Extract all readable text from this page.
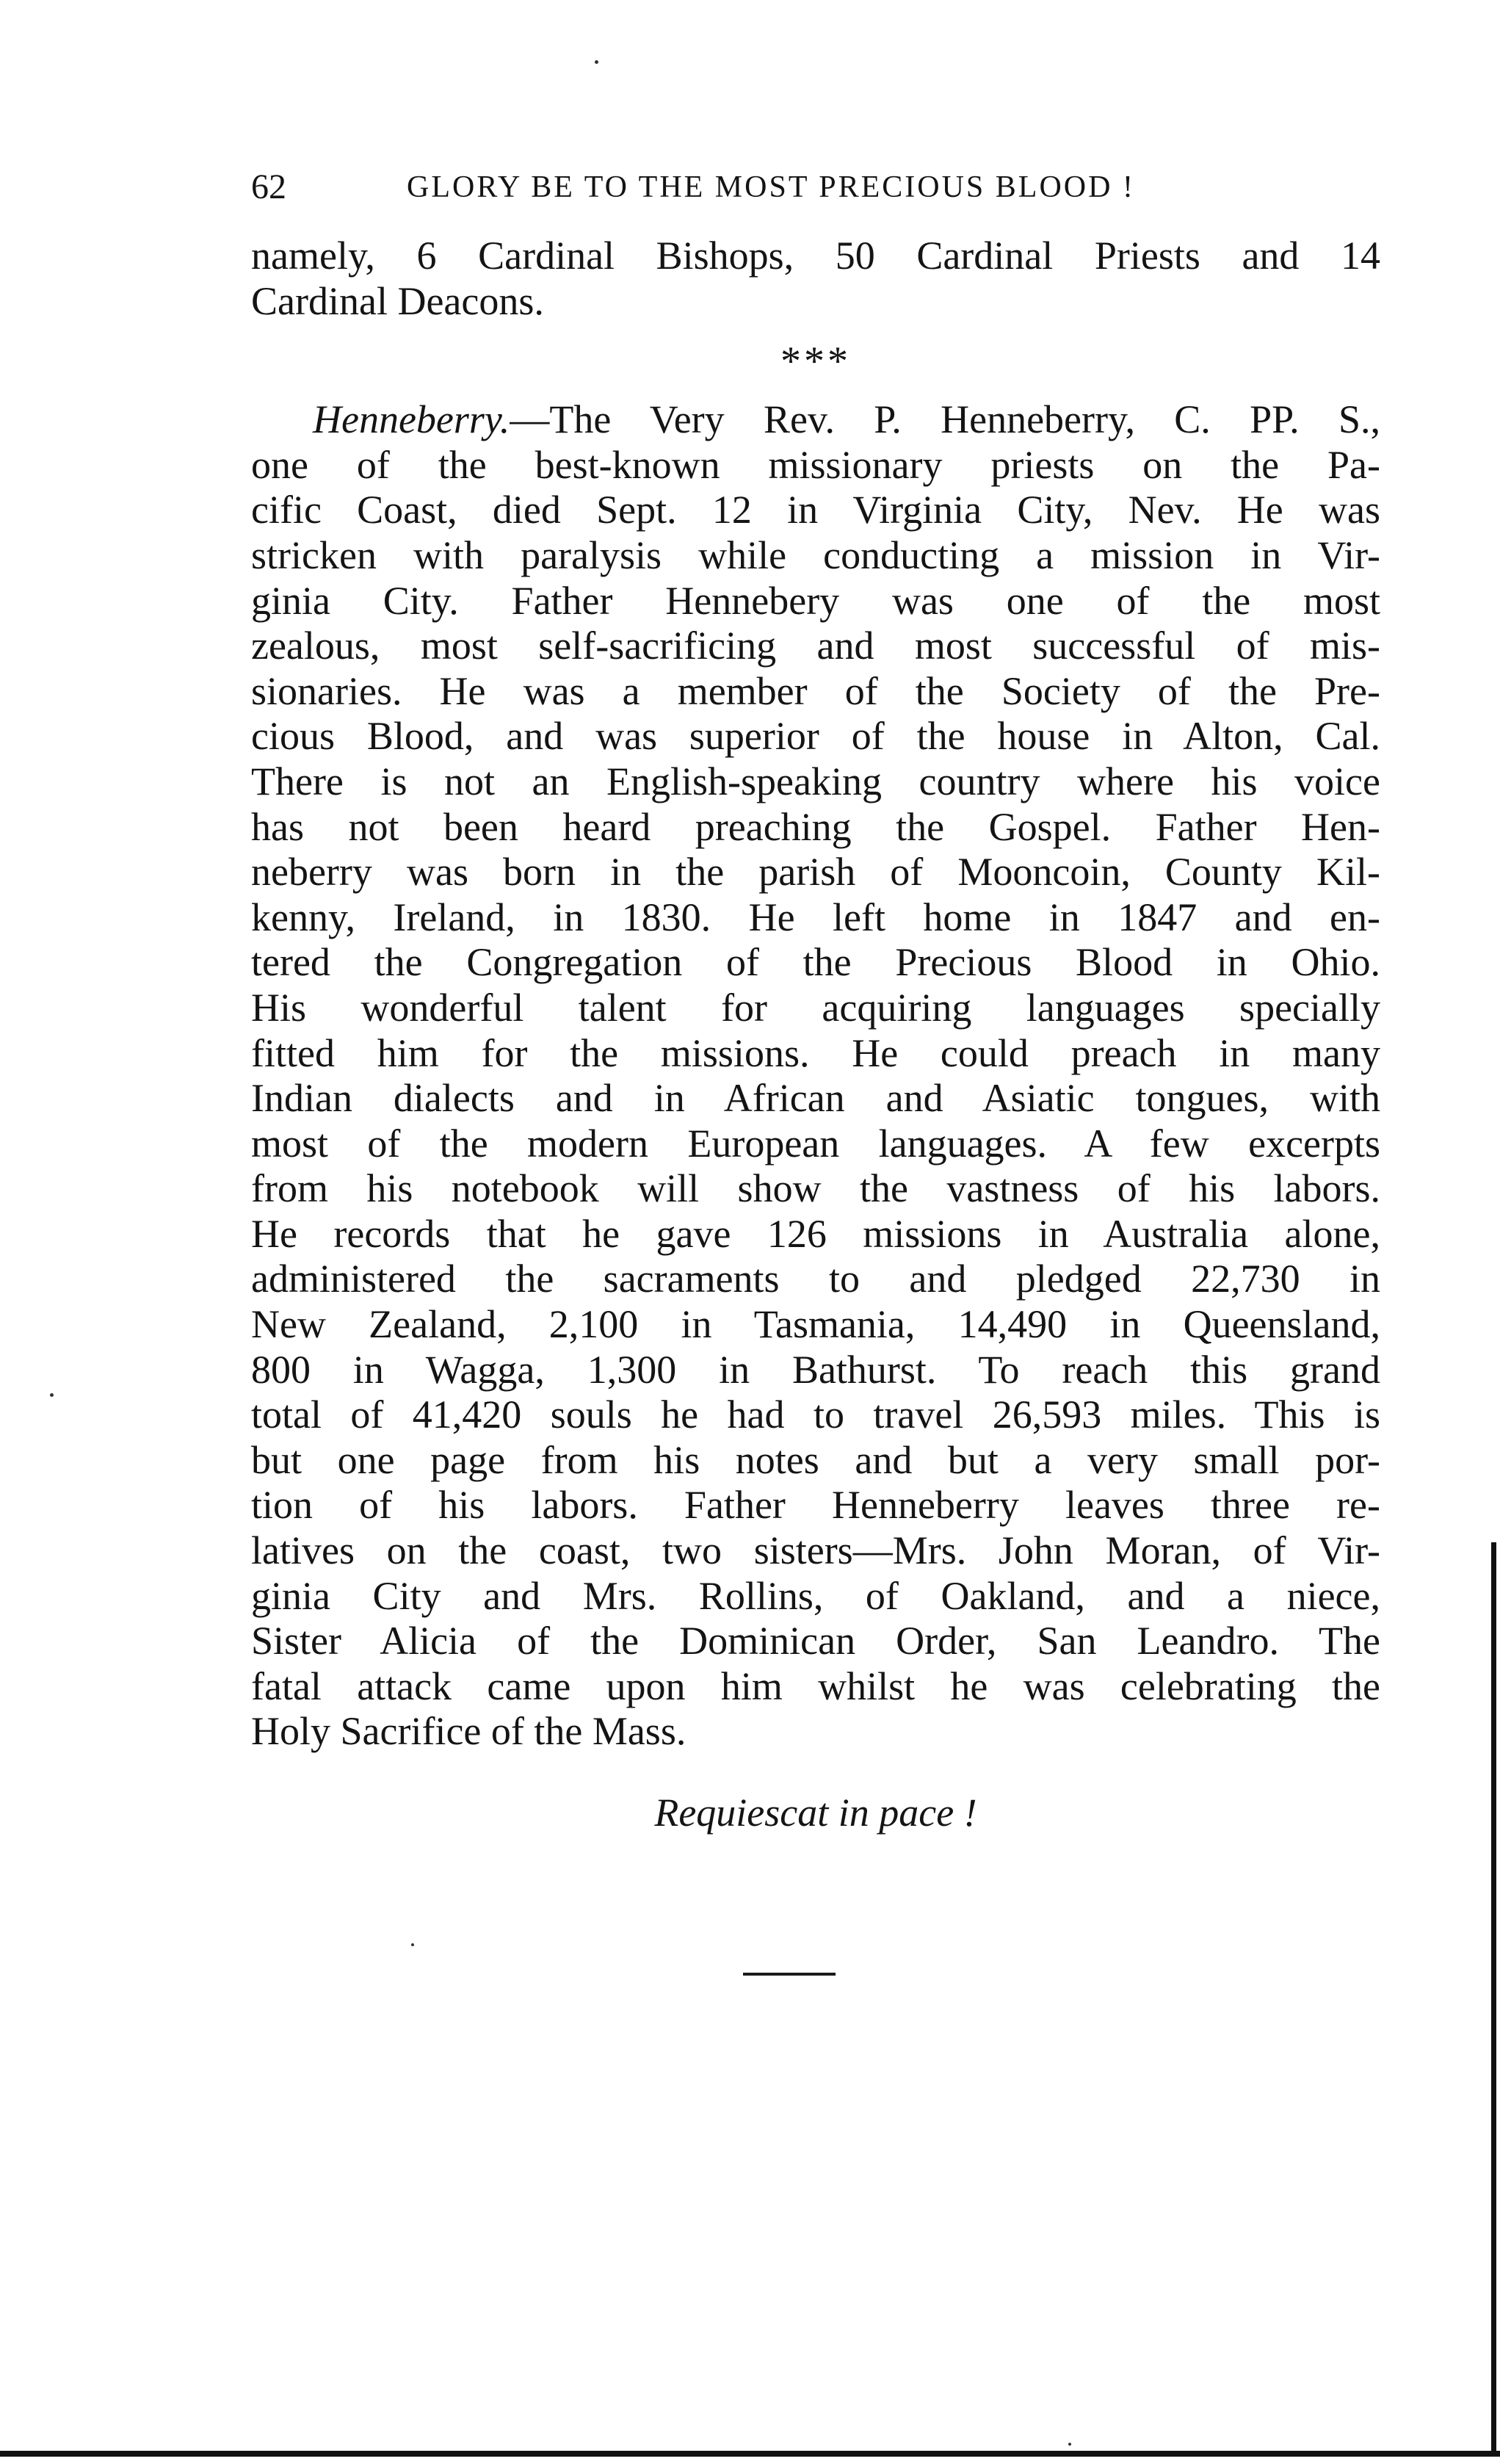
62	GLORY BE TO THE MOST PRECIOUS BLOOD !
namely, 6 Cardinal Bishops, 50 Cardinal Priests and 14
Cardinal Deacons.
***
Henneberry.—The Very Rev. P. Henneberry, C. PP. S.,
one of the best-known missionary priests on the Pa-
cific Coast, died Sept. 12 in Virginia City, Nev. He was
stricken with paralysis while conducting a mission in Vir-
ginia City. Father Hennebery was one of the most
zealous, most self-sacrificing and most successful of mis-
sionaries. He was a member of the Society of the Pre-
cious Blood, and was superior of the house in Alton, Cal.
There is not an English-speaking country where his voice
has not been heard preaching the Gospel. Father Hen-
neberry was born in the parish of Mooncoin, County Kil-
kenny, Ireland, in 1830. He left home in 1847 and en-
tered the Congregation of the Precious Blood in Ohio.
His wonderful talent for acquiring languages specially
fitted him for the missions. He could preach in many
Indian dialects and in African and Asiatic tongues, with
most of the modern European languages. A few excerpts
from his notebook will show the vastness of his labors.
He records that he gave 126 missions in Australia alone,
administered the sacraments to and pledged 22,730 in
New Zealand, 2,100 in Tasmania, 14,490 in Queensland,
800 in Wagga, 1,300 in Bathurst. To reach this grand
total of 41,420 souls he had to travel 26,593 miles. This is
but one page from his notes and but a very small por-
tion of his labors. Father Henneberry leaves three re-
latives on the coast, two sisters—Mrs. John Moran, of Vir-
ginia City and Mrs. Rollins, of Oakland, and a niece,
Sister Alicia of the Dominican Order, San Leandro. The
fatal attack came upon him whilst he was celebrating the
Holy Sacrifice of the Mass.
Requiescat in pace !
